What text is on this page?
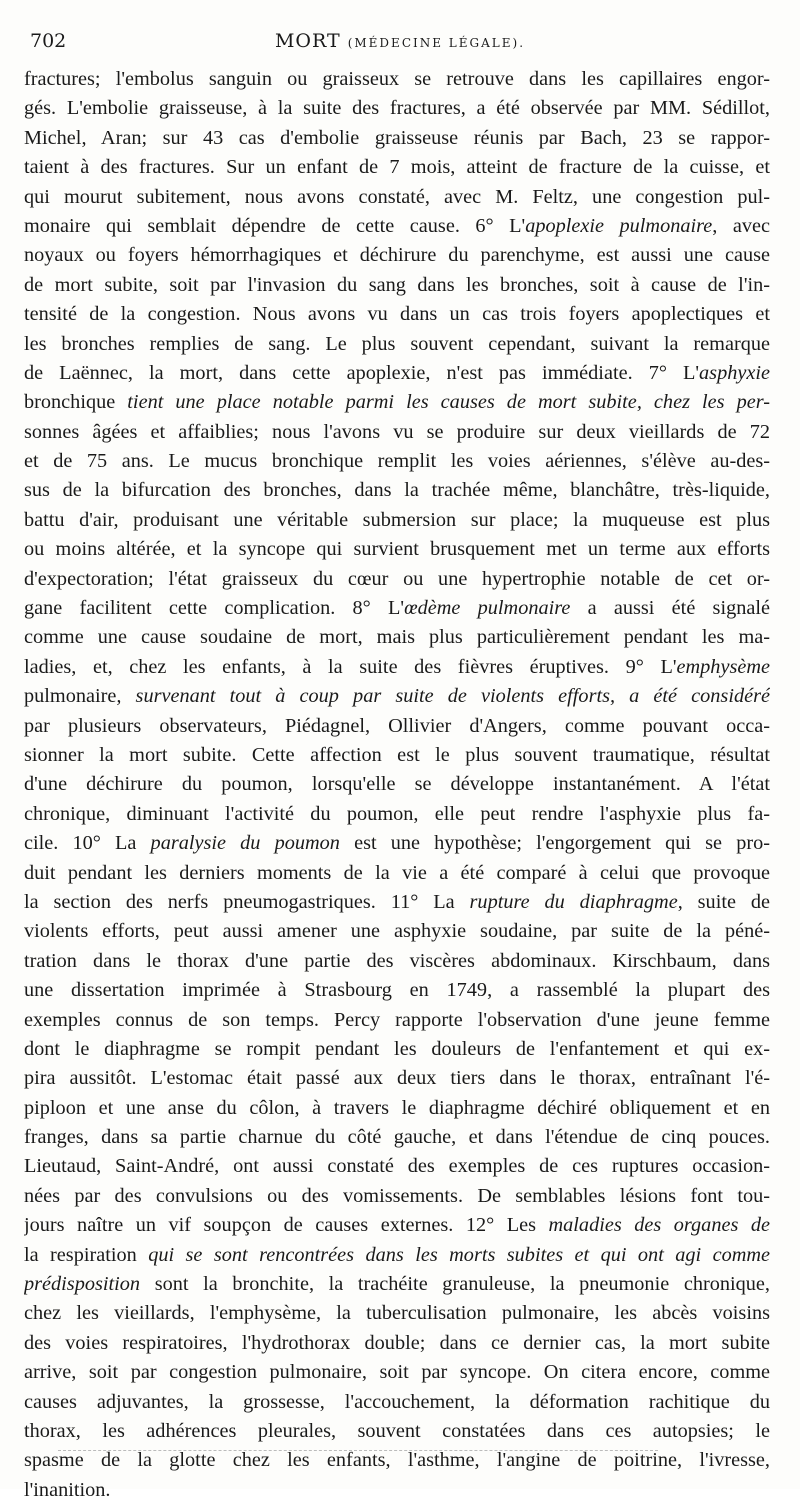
702	MORT (MÉDECINE LÉGALE).
fractures; l'embolus sanguin ou graisseux se retrouve dans les capillaires engor-
gés. L'embolie graisseuse, à la suite des fractures, a été observée par MM. Sédillot,
Michel, Aran; sur 43 cas d'embolie graisseuse réunis par Bach, 23 se rappor-
taient à des fractures. Sur un enfant de 7 mois, atteint de fracture de la cuisse, et
qui mourut subitement, nous avons constaté, avec M. Feltz, une congestion pul-
monaire qui semblait dépendre de cette cause. 6° L'apoplexie pulmonaire, avec
noyaux ou foyers hémorrhagiques et déchirure du parenchyme, est aussi une cause
de mort subite, soit par l'invasion du sang dans les bronches, soit à cause de l'in-
tensité de la congestion. Nous avons vu dans un cas trois foyers apoplectiques et
les bronches remplies de sang. Le plus souvent cependant, suivant la remarque
de Laënnec, la mort, dans cette apoplexie, n'est pas immédiate. 7° L'asphyxie
bronchique tient une place notable parmi les causes de mort subite, chez les per-
sonnes âgées et affaiblies; nous l'avons vu se produire sur deux vieillards de 72
et de 75 ans. Le mucus bronchique remplit les voies aériennes, s'élève au-des-
sus de la bifurcation des bronches, dans la trachée même, blanchâtre, très-liquide,
battu d'air, produisant une véritable submersion sur place; la muqueuse est plus
ou moins altérée, et la syncope qui survient brusquement met un terme aux efforts
d'expectoration; l'état graisseux du cœur ou une hypertrophie notable de cet or-
gane facilitent cette complication. 8° L'œdème pulmonaire a aussi été signalé
comme une cause soudaine de mort, mais plus particulièrement pendant les ma-
ladies, et, chez les enfants, à la suite des fièvres éruptives. 9° L'emphysème
pulmonaire, survenant tout à coup par suite de violents efforts, a été considéré
par plusieurs observateurs, Piédagnel, Ollivier d'Angers, comme pouvant occa-
sionner la mort subite. Cette affection est le plus souvent traumatique, résultat
d'une déchirure du poumon, lorsqu'elle se développe instantanément. A l'état
chronique, diminuant l'activité du poumon, elle peut rendre l'asphyxie plus fa-
cile. 10° La paralysie du poumon est une hypothèse; l'engorgement qui se pro-
duit pendant les derniers moments de la vie a été comparé à celui que provoque
la section des nerfs pneumogastriques. 11° La rupture du diaphragme, suite de
violents efforts, peut aussi amener une asphyxie soudaine, par suite de la péné-
tration dans le thorax d'une partie des viscères abdominaux. Kirschbaum, dans
une dissertation imprimée à Strasbourg en 1749, a rassemblé la plupart des
exemples connus de son temps. Percy rapporte l'observation d'une jeune femme
dont le diaphragme se rompit pendant les douleurs de l'enfantement et qui ex-
pira aussitôt. L'estomac était passé aux deux tiers dans le thorax, entraînant l'é-
piploon et une anse du côlon, à travers le diaphragme déchiré obliquement et en
franges, dans sa partie charnue du côté gauche, et dans l'étendue de cinq pouces.
Lieutaud, Saint-André, ont aussi constaté des exemples de ces ruptures occasion-
nées par des convulsions ou des vomissements. De semblables lésions font tou-
jours naître un vif soupçon de causes externes. 12° Les maladies des organes de
la respiration qui se sont rencontrées dans les morts subites et qui ont agi comme
prédisposition sont la bronchite, la trachéite granuleuse, la pneumonie chronique,
chez les vieillards, l'emphysème, la tuberculisation pulmonaire, les abcès voisins
des voies respiratoires, l'hydrothorax double; dans ce dernier cas, la mort subite
arrive, soit par congestion pulmonaire, soit par syncope. On citera encore, comme
causes adjuvantes, la grossesse, l'accouchement, la déformation rachitique du
thorax, les adhérences pleurales, souvent constatées dans ces autopsies; le
spasme de la glotte chez les enfants, l'asthme, l'angine de poitrine, l'ivresse,
l'inanition.
